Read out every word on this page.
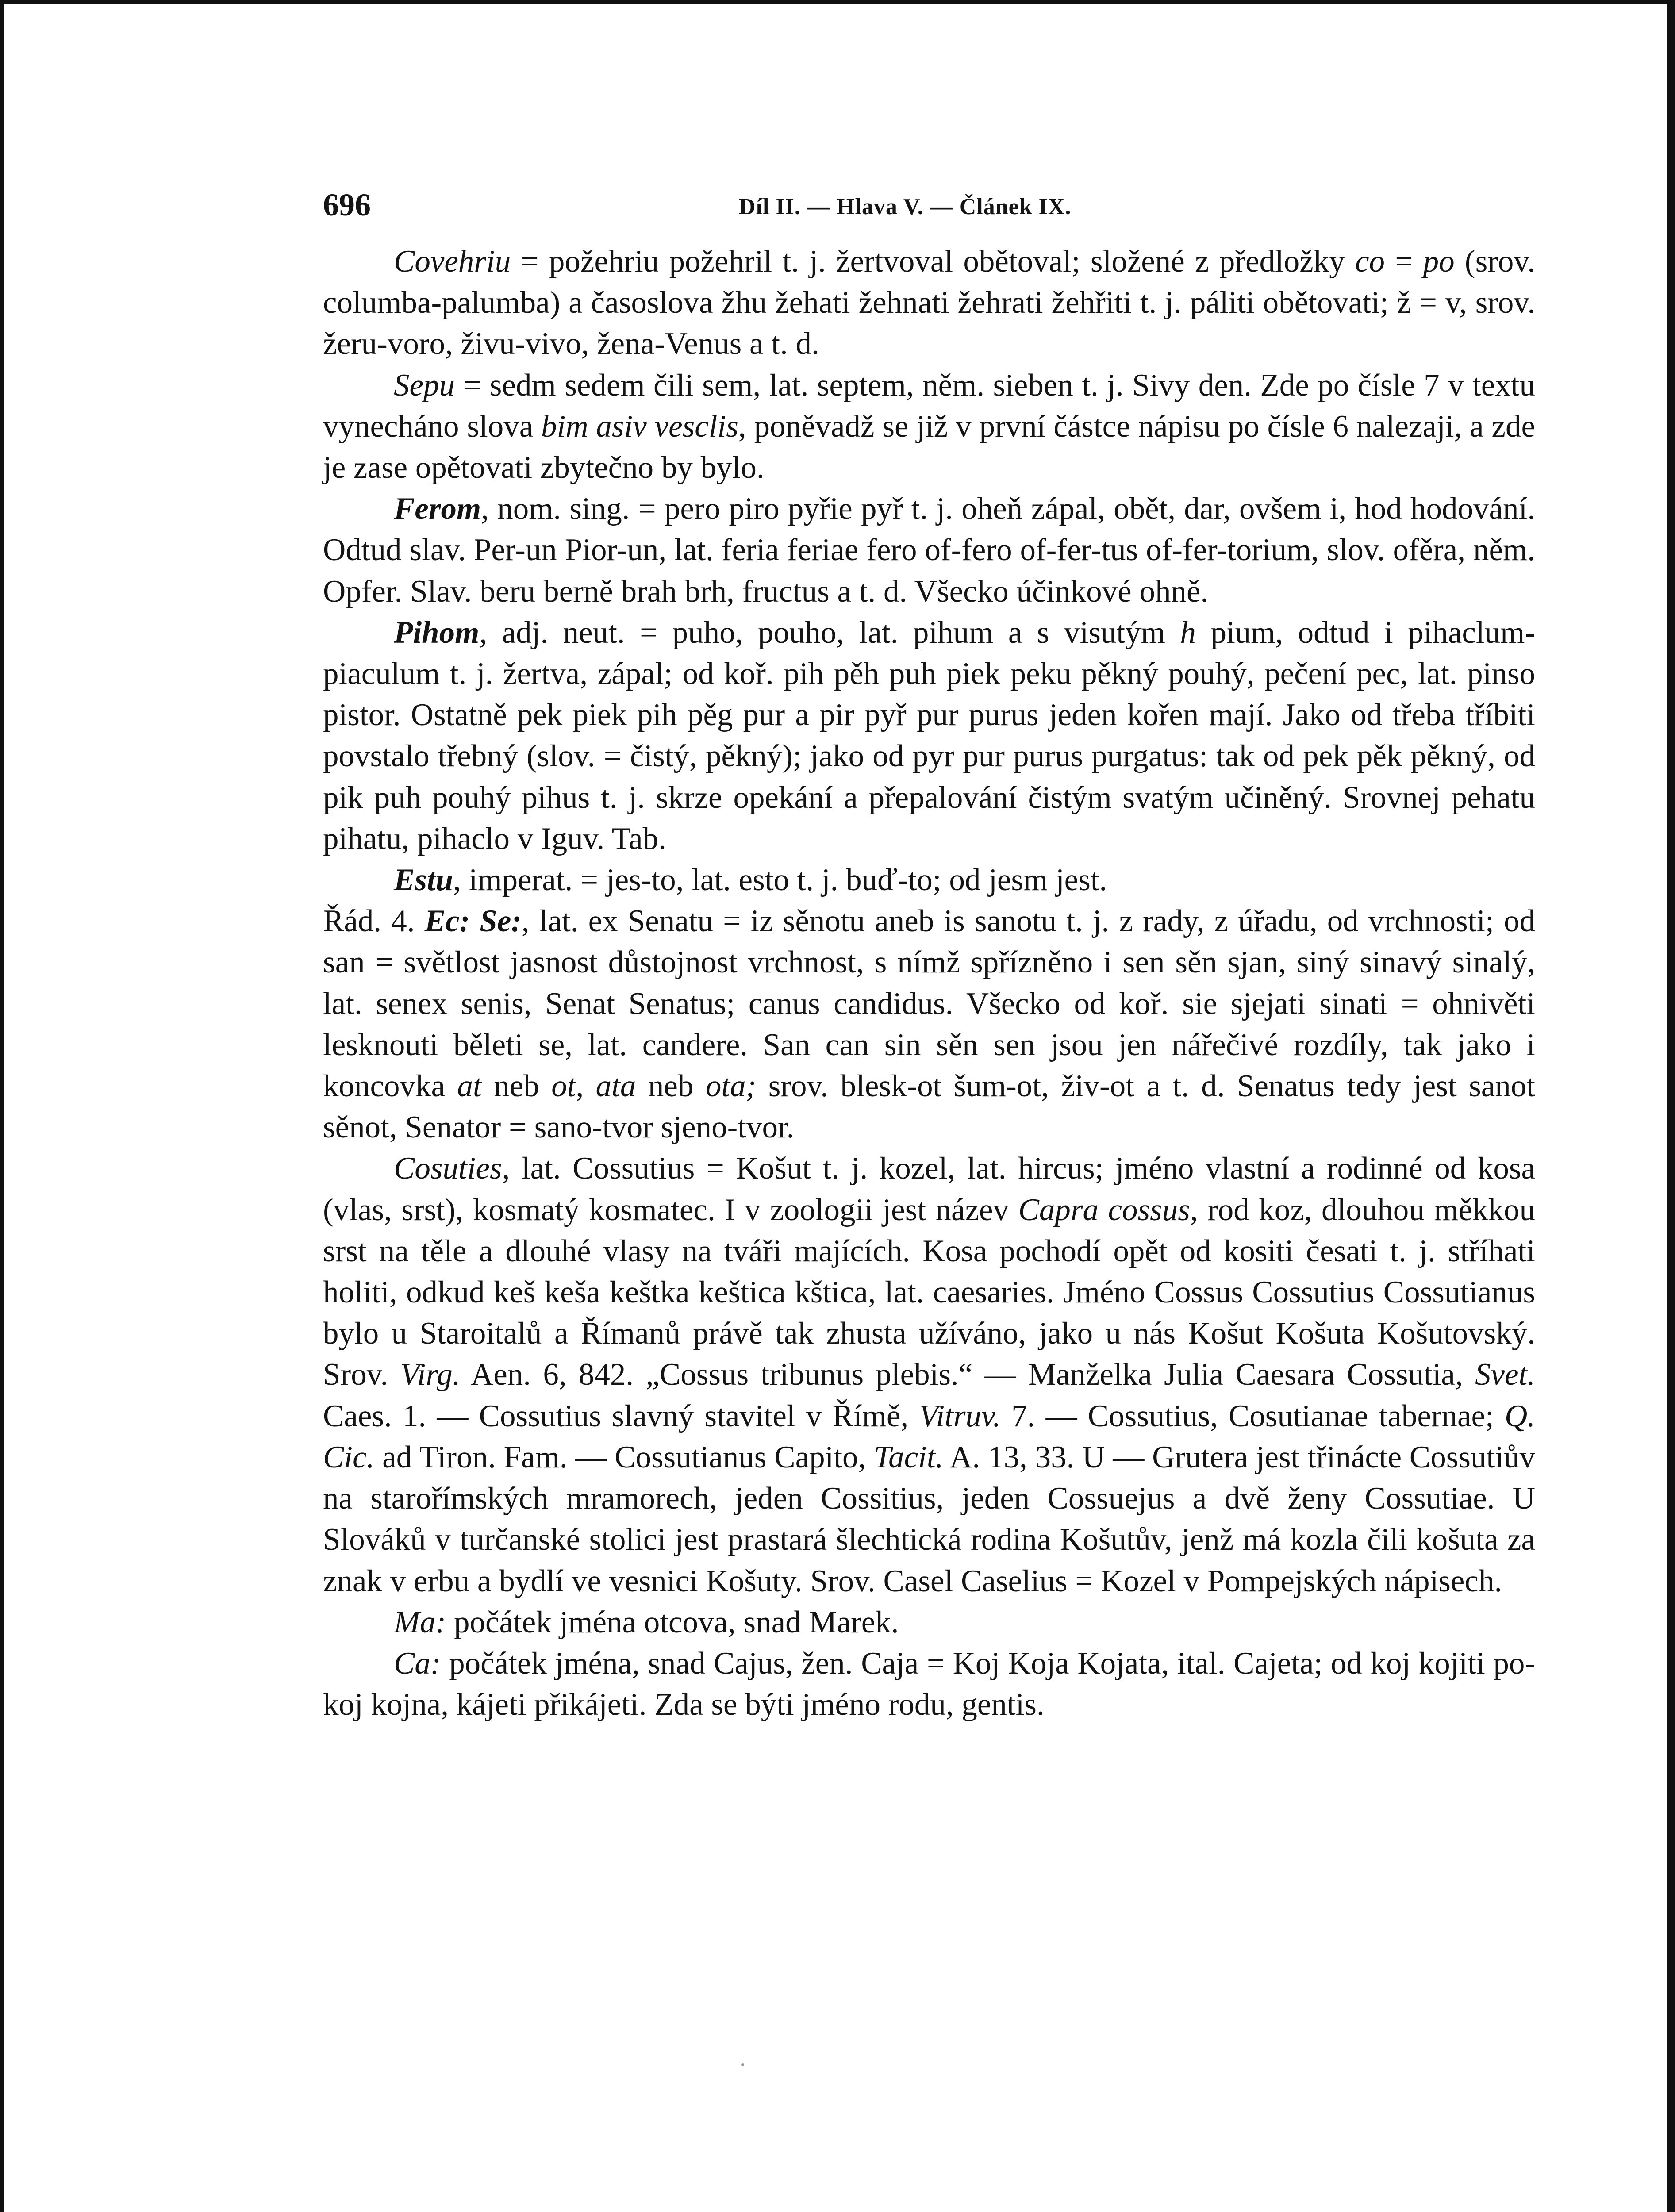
696	Díl II. — Hlava V. — Článek IX.

Covehriu = požehriu požehril t. j. žertvoval obětoval; složené z předložky co = po (srov. columba-palumba) a časoslova žhu žehati žehnati žehrati žehřiti t. j. páliti obětovati; ž = v, srov. žeru-voro, živu-vivo, žena-Venus a t. d.

Sepu = sedm sedem čili sem, lat. septem, něm. sieben t. j. Sivy den. Zde po čísle 7 v textu vynecháno slova bim asiv vesclis, poněvadž se již v první částce nápisu po čísle 6 nalezaji, a zde je zase opětovati zbytečno by bylo.

Ferom, nom. sing. = pero piro pyřie pyř t. j. oheň zápal, obět, dar, ovšem i, hod hodování. Odtud slav. Per-un Pior-un, lat. feria feriae fero of-fero of-fer-tus of-fer-torium, slov. ofěra, něm. Opfer. Slav. beru berně brah brh, fructus a t. d. Všecko účinkové ohně.

Pihom, adj. neut. = puho, pouho, lat. pihum a s visutým h pium, odtud i pihaclum-piaculum t. j. žertva, zápal; od koř. pih pěh puh piek peku pěkný pouhý, pečení pec, lat. pinso pistor. Ostatně pek piek pih pěg pur a pir pyř pur purus jeden kořen mají. Jako od třeba tříbiti povstalo třebný (slov. = čistý, pěkný); jako od pyr pur purus purgatus: tak od pek pěk pěkný, od pik puh pouhý pihus t. j. skrze opekání a přepalování čistým svatým učiněný. Srovnej pehatu pihatu, pihaclo v Iguv. Tab.

Estu, imperat. = jes-to, lat. esto t. j. buď-to; od jesm jest.

Řád. 4. Ec: Se:, lat. ex Senatu = iz sěnotu aneb is sanotu t. j. z rady, z úřadu, od vrchnosti; od san = světlost jasnost důstojnost vrchnost, s nímž spřízněno i sen sěn sjan, siný sinavý sinalý, lat. senex senis, Senat Senatus; canus candidus. Všecko od koř. sie sjejati sinati = ohnivěti lesknouti běleti se, lat. candere. San can sin sěn sen jsou jen nářečivé rozdíly, tak jako i koncovka at neb ot, ata neb ota; srov. blesk-ot šum-ot, živ-ot a t. d. Senatus tedy jest sanot sěnot, Senator = sano-tvor sjeno-tvor.

Cosuties, lat. Cossutius = Košut t. j. kozel, lat. hircus; jméno vlastní a rodinné od kosa (vlas, srst), kosmatý kosmatec. I v zoologii jest název Capra cossus, rod koz, dlouhou měkkou srst na těle a dlouhé vlasy na tváři majících. Kosa pochodí opět od kositi česati t. j. stříhati holiti, odkud keš keša keštka keštica kštica, lat. caesaries. Jméno Cossus Cossutius Cossutianus bylo u Staroitalů a Římanů právě tak zhusta užíváno, jako u nás Košut Košuta Košutovský. Srov. Virg. Aen. 6, 842. „Cossus tribunus plebis.“ — Manželka Julia Caesara Cossutia, Svet. Caes. 1. — Cossutius slavný stavitel v Římě, Vitruv. 7. — Cossutius, Cosutianae tabernae; Q. Cic. ad Tiron. Fam. — Cossutianus Capito, Tacit. A. 13, 33. U — Grutera jest třinácte Cossutiův na starořímských mramorech, jeden Cossitius, jeden Cossuejus a dvě ženy Cossutiae. U Slováků v turčanské stolici jest prastará šlechtická rodina Košutův, jenž má kozla čili košuta za znak v erbu a bydlí ve vesnici Košuty. Srov. Casel Caselius = Kozel v Pompejských nápisech.

Ma: počátek jména otcova, snad Marek.

Ca: počátek jména, snad Cajus, žen. Caja = Koj Koja Kojata, ital. Cajeta; od koj kojiti po-koj kojna, kájeti přikájeti. Zda se býti jméno rodu, gentis.
